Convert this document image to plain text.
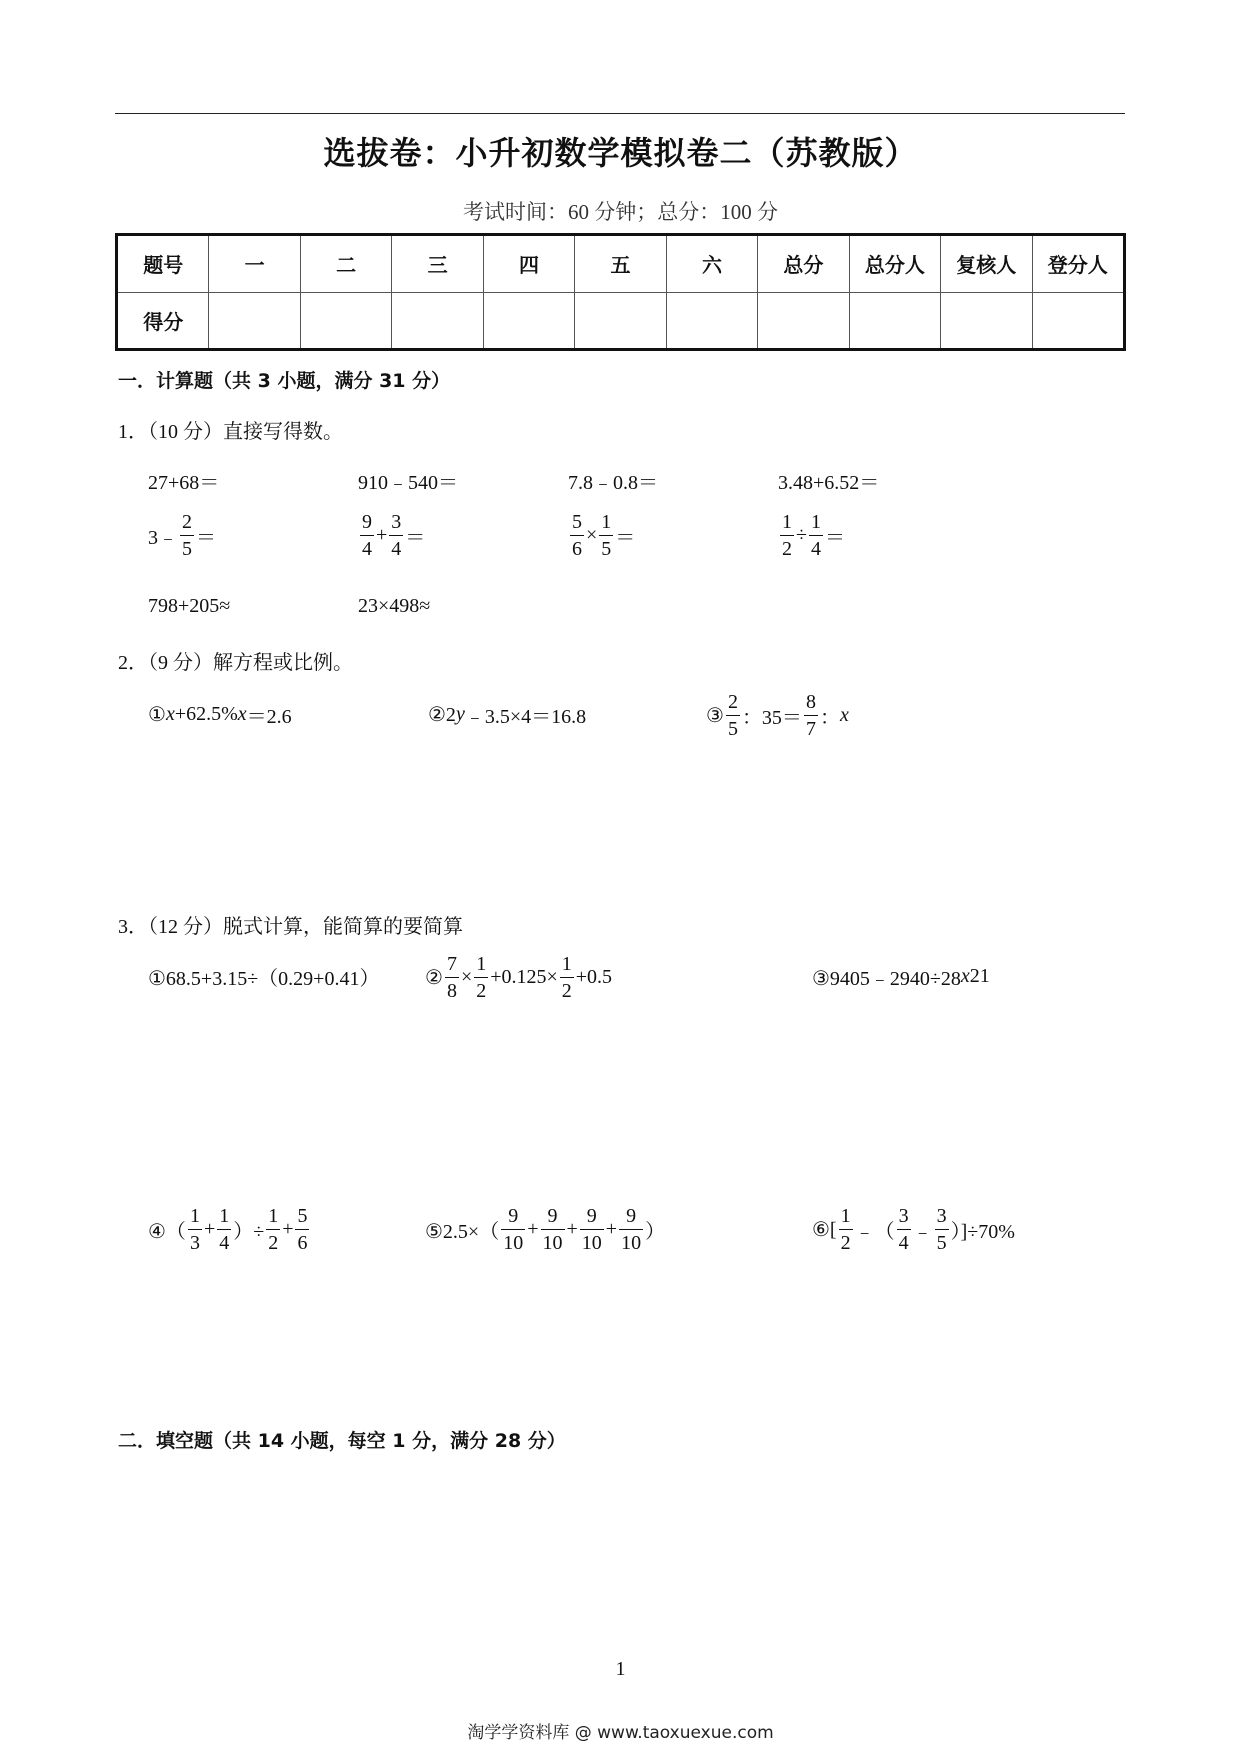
选拔卷：小升初数学模拟卷二（苏教版）
考试时间：60 分钟；总分：100 分
题号	一	二	三	四	五	六	总分	总分人	复核人	登分人
得分										
一．计算题（共 3 小题，满分 31 分）
1．（10 分）直接写得数。
27+68＝	910﹣540＝	7.8﹣0.8＝	3.48+6.52＝
3﹣ $\frac{2}{5}$ ＝	$\frac{9}{4} + \frac{3}{4}$ ＝	$\frac{5}{6} \times \frac{1}{5}$ ＝	$\frac{1}{2} \div \frac{1}{4}$ ＝
798+205≈	23×498≈
2．（9 分）解方程或比例。
① x +62.5% x ＝2.6	②2 y ﹣3.5×4＝16.8	③ $\frac{2}{5}$ ：$35= \frac{8}{7}$ ： x
3．（12 分）脱式计算，能简算的要简算
①68.5+3.15÷（0.29+0.41） ② $\frac{7}{8} \times \frac{1}{2} +0.125\times \frac{1}{2} +0.5$	③9405﹣2940÷28 x 21
④（ $\frac{1}{3} + \frac{1}{4}$ ）÷ $\frac{1}{2} + \frac{5}{6}$	⑤2.5×（ $\frac{9}{10} + \frac{9}{10} + \frac{9}{10} + \frac{9}{10}$ ）	⑥[ $\frac{1}{2}$ ﹣（ $\frac{3}{4}$ ﹣ $\frac{3}{5} )]\div 70\%$
二．填空题（共 14 小题，每空 1 分，满分 28 分）
1
淘学学资料库 @ www.taoxuexue.com
